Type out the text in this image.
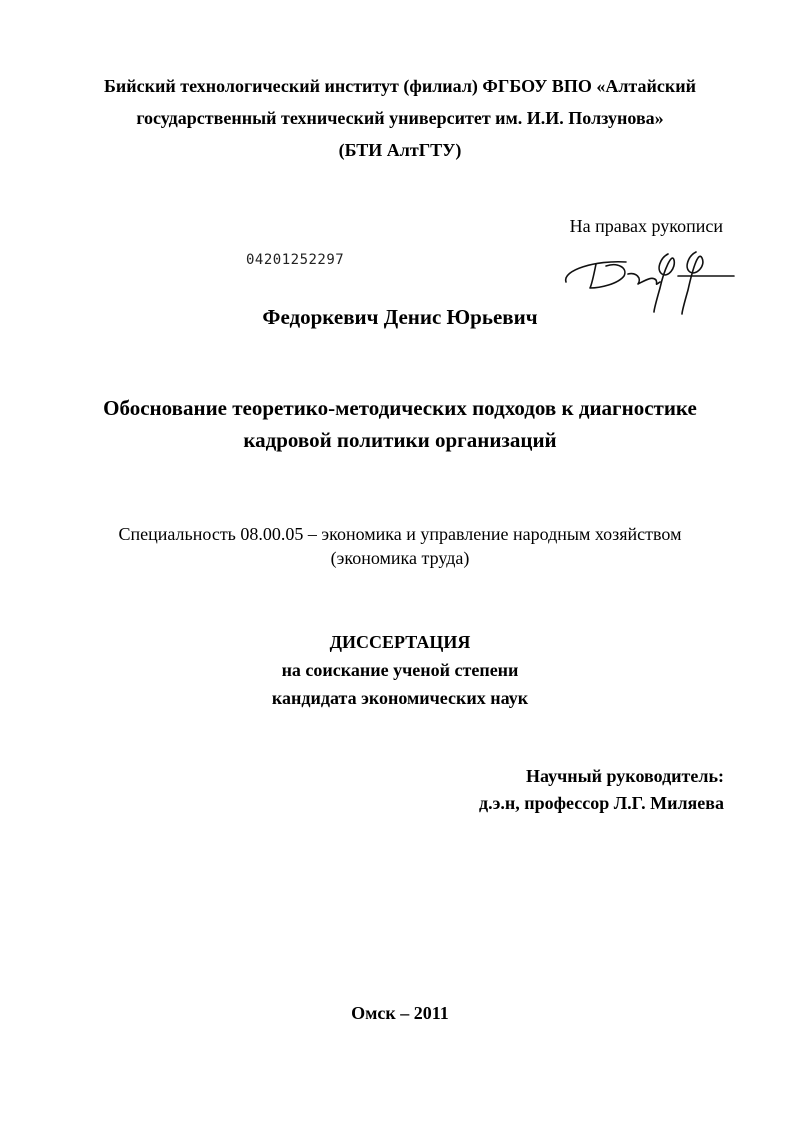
Бийский технологический институт (филиал) ФГБОУ ВПО «Алтайский
государственный технический университет им. И.И. Ползунова»
(БТИ АлтГТУ)
На правах рукописи
04201252297
Федоркевич Денис Юрьевич
Обоснование теоретико-методических подходов к диагностике
кадровой политики организаций
Специальность 08.00.05 – экономика и управление народным хозяйством
(экономика труда)
ДИССЕРТАЦИЯ
на соискание ученой степени
кандидата экономических наук
Научный руководитель:
д.э.н, профессор Л.Г. Миляева
Омск – 2011
